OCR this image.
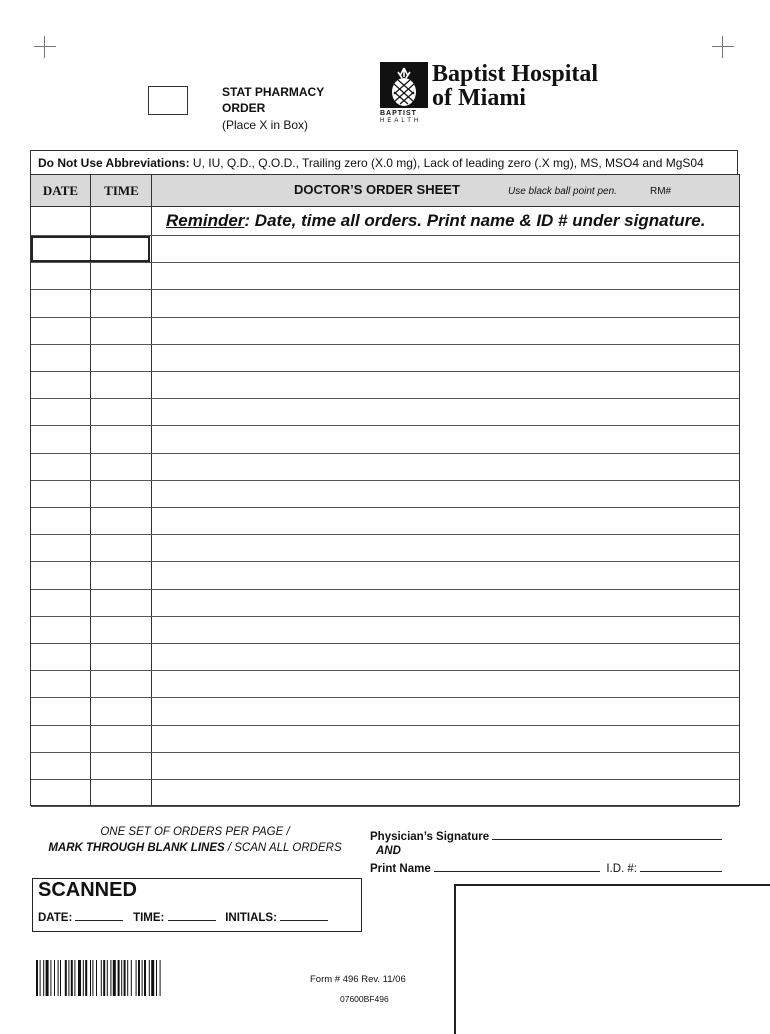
STAT PHARMACY
ORDER
(Place X in Box)
Baptist Hospital
of Miami
BAPTIST
HEALTH
Do Not Use Abbreviations: U, IU, Q.D., Q.O.D., Trailing zero (X.0 mg), Lack of leading zero (.X mg), MS, MSO4 and MgS04
DATE	TIME	DOCTOR’S ORDER SHEET	Use black ball point pen.	RM#
Reminder: Date, time all orders. Print name & ID # under signature.
ONE SET OF ORDERS PER PAGE /
MARK THROUGH BLANK LINES / SCAN ALL ORDERS
Physician’s Signature
AND
Print Name	I.D. #:
SCANNED
DATE:	TIME:	INITIALS:
Form # 496 Rev. 11/06
07600BF496
